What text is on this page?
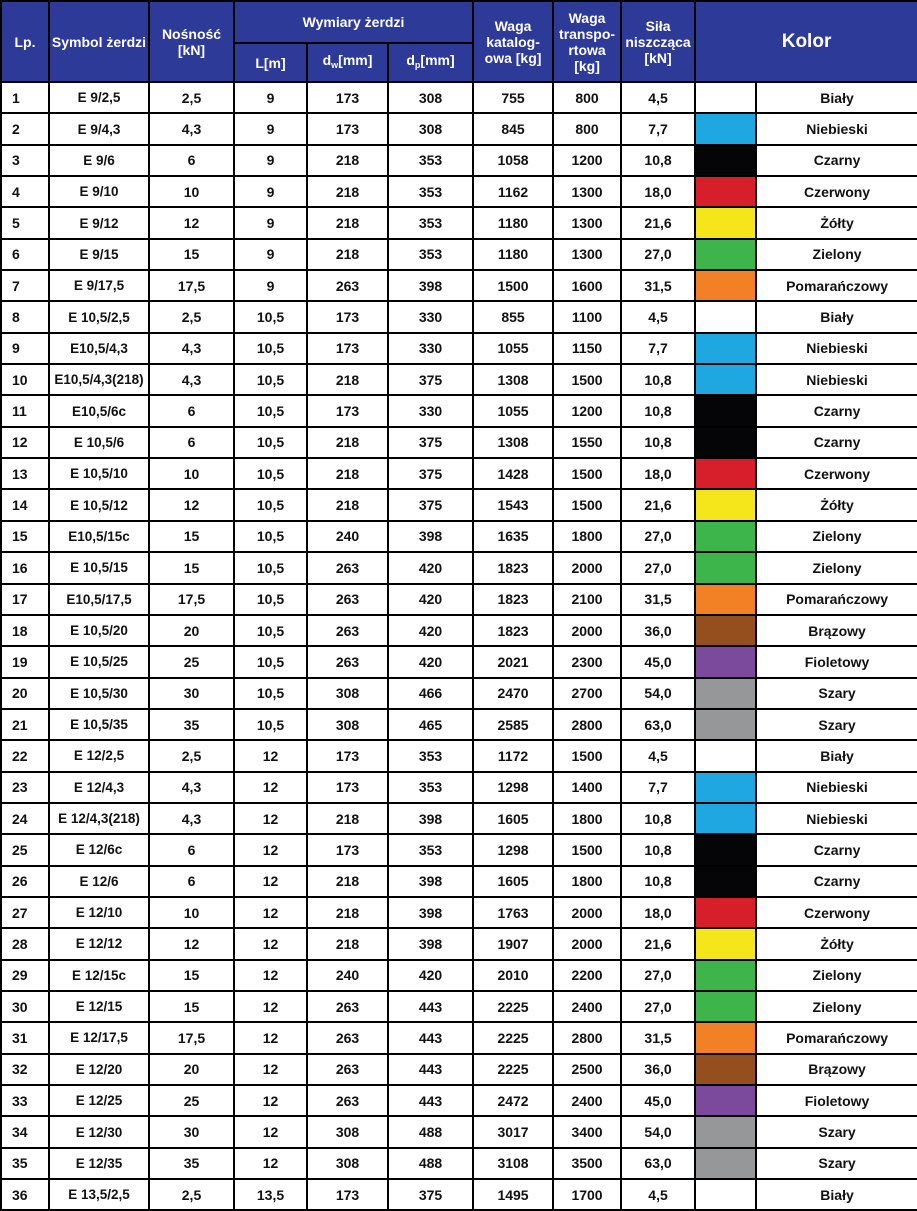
Lp.	Symbol żerdzi	Nośność [kN]	Wymiary żerdzi			Waga katalog-owa [kg]	Waga transpo-rtowa [kg]	Siła niszcząca [kN]	Kolor	
			L[m]	$d_w[mm]$	$d_p[mm]$					
1	E 9/2,5	2,5	9	173	308	755	800	4,5		Biały
2	E 9/4,3	4,3	9	173	308	845	800	7,7		Niebieski
3	E 9/6	6	9	218	353	1058	1200	10,8		Czarny
4	E 9/10	10	9	218	353	1162	1300	18,0		Czerwony
5	E 9/12	12	9	218	353	1180	1300	21,6		Żółty
6	E 9/15	15	9	218	353	1180	1300	27,0		Zielony
7	E 9/17,5	17,5	9	263	398	1500	1600	31,5		Pomarańczowy
8	E 10,5/2,5	2,5	10,5	173	330	855	1100	4,5		Biały
9	E10,5/4,3	4,3	10,5	173	330	1055	1150	7,7		Niebieski
10	E10,5/4,3(218)	4,3	10,5	218	375	1308	1500	10,8		Niebieski
11	E10,5/6c	6	10,5	173	330	1055	1200	10,8		Czarny
12	E 10,5/6	6	10,5	218	375	1308	1550	10,8		Czarny
13	E 10,5/10	10	10,5	218	375	1428	1500	18,0		Czerwony
14	E 10,5/12	12	10,5	218	375	1543	1500	21,6		Żółty
15	E10,5/15c	15	10,5	240	398	1635	1800	27,0		Zielony
16	E 10,5/15	15	10,5	263	420	1823	2000	27,0		Zielony
17	E10,5/17,5	17,5	10,5	263	420	1823	2100	31,5		Pomarańczowy
18	E 10,5/20	20	10,5	263	420	1823	2000	36,0		Brązowy
19	E 10,5/25	25	10,5	263	420	2021	2300	45,0		Fioletowy
20	E 10,5/30	30	10,5	308	466	2470	2700	54,0		Szary
21	E 10,5/35	35	10,5	308	465	2585	2800	63,0		Szary
22	E 12/2,5	2,5	12	173	353	1172	1500	4,5		Biały
23	E 12/4,3	4,3	12	173	353	1298	1400	7,7		Niebieski
24	E 12/4,3(218)	4,3	12	218	398	1605	1800	10,8		Niebieski
25	E 12/6c	6	12	173	353	1298	1500	10,8		Czarny
26	E 12/6	6	12	218	398	1605	1800	10,8		Czarny
27	E 12/10	10	12	218	398	1763	2000	18,0		Czerwony
28	E 12/12	12	12	218	398	1907	2000	21,6		Żółty
29	E 12/15c	15	12	240	420	2010	2200	27,0		Zielony
30	E 12/15	15	12	263	443	2225	2400	27,0		Zielony
31	E 12/17,5	17,5	12	263	443	2225	2800	31,5		Pomarańczowy
32	E 12/20	20	12	263	443	2225	2500	36,0		Brązowy
33	E 12/25	25	12	263	443	2472	2400	45,0		Fioletowy
34	E 12/30	30	12	308	488	3017	3400	54,0		Szary
35	E 12/35	35	12	308	488	3108	3500	63,0		Szary
36	E 13,5/2,5	2,5	13,5	173	375	1495	1700	4,5		Biały
